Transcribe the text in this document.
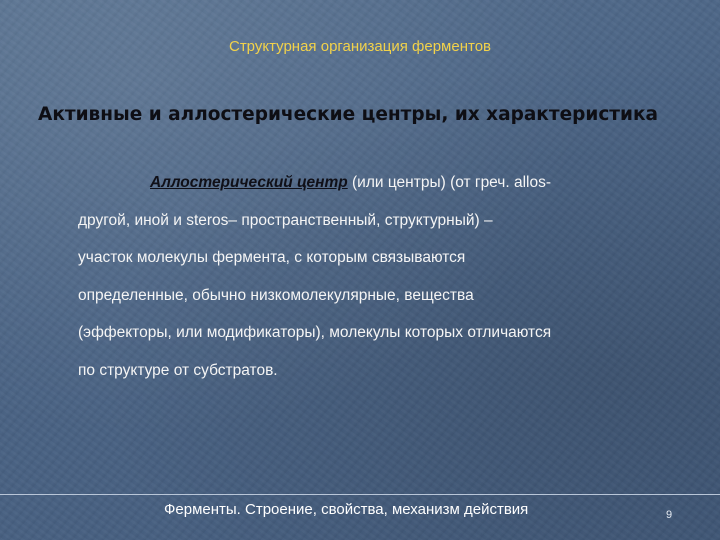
Структурная организация ферментов
Активные и аллостерические центры, их характеристика
Аллостерический центр (или центры) (от греч. allos-
другой, иной и steros– пространственный, структурный) –
участок молекулы фермента, с которым связываются
определенные, обычно низкомолекулярные, вещества
(эффекторы, или модификаторы), молекулы которых отличаются
по структуре от субстратов.
Ферменты. Строение, свойства, механизм действия	9
